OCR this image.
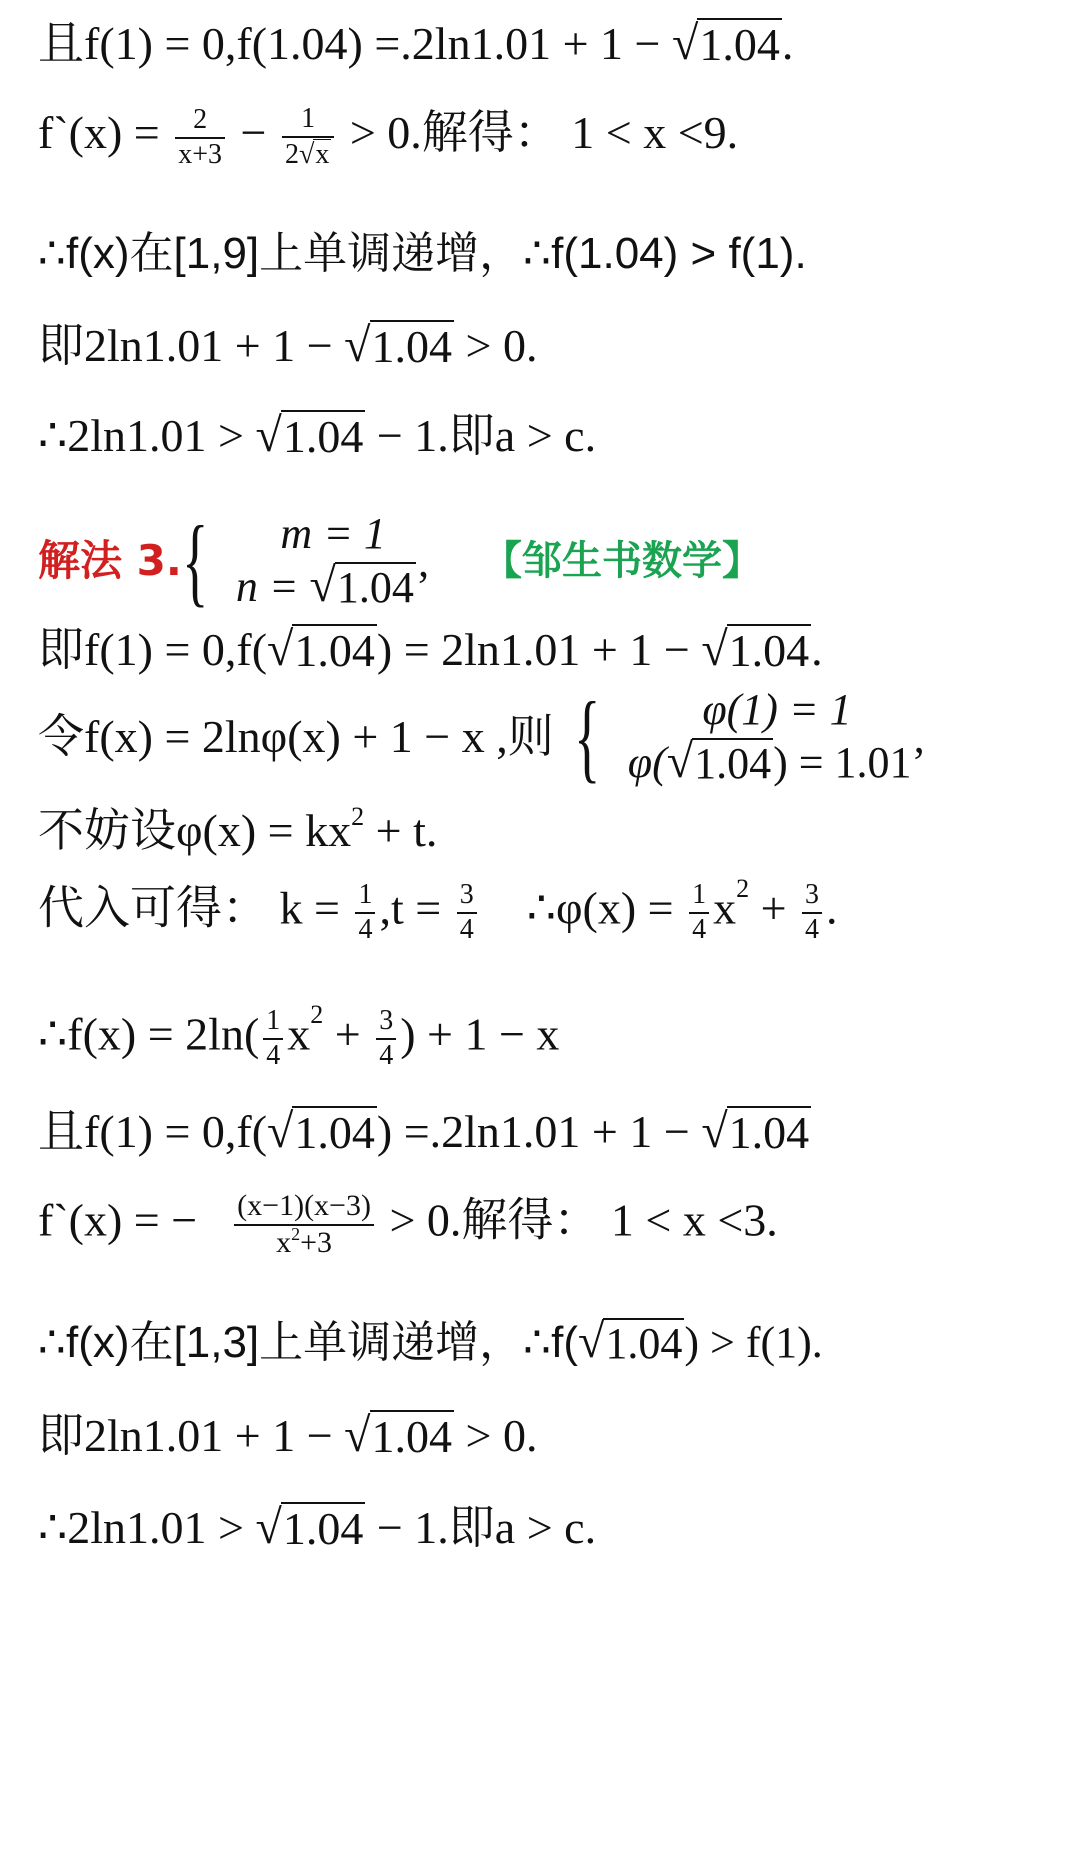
且f(1) = 0,f(1.04) =.2ln1.01 + 1 − √ 1.04 .
f`(x) = $\frac{2}{x+3} - \frac{1}{2 √ x} > 0$.解得： 1 < x <9.
∴f(x)在[1,9]上单调递增，∴f(1.04) > f(1).
即2ln1.01 + 1 − √ 1.04 > 0.
∴2ln1.01 > √ 1.04 − 1.即a > c.
解法 3. {	m = 1
n = √ 1.04 ’
【邹生书数学】
即f(1) = 0,f( √ 1.04 ) = 2ln1.01 + 1 − √ 1.04 .
令f(x) = 2lnφ(x) + 1 − x ,则 {	φ(1) = 1
φ( √ 1.04 ) = 1.01’
不妨设$\varphi(x) = kx^2 + t$.
代入可得： $k = \frac{1}{4} ,t = \frac{3}{4}$ ∴φ(x) = $\frac{1}{4} x^2 + \frac{3}{4}$ .
∴f(x) = $2\ln( \frac{1}{4} x^2 + \frac{3}{4}$ ) + 1 − x
且f(1) = 0,f( √ 1.04 ) =.2ln1.01 + 1 − √ 1.04
f`(x) = − $\frac{(x-1)(x-3)}{x^2+3} > 0$.解得： 1 < x <3.
∴f(x)在[1,3]上单调递增，∴f( √ 1.04 ) > f(1).
即2ln1.01 + 1 − √ 1.04 > 0.
∴2ln1.01 > √ 1.04 − 1.即a > c.
